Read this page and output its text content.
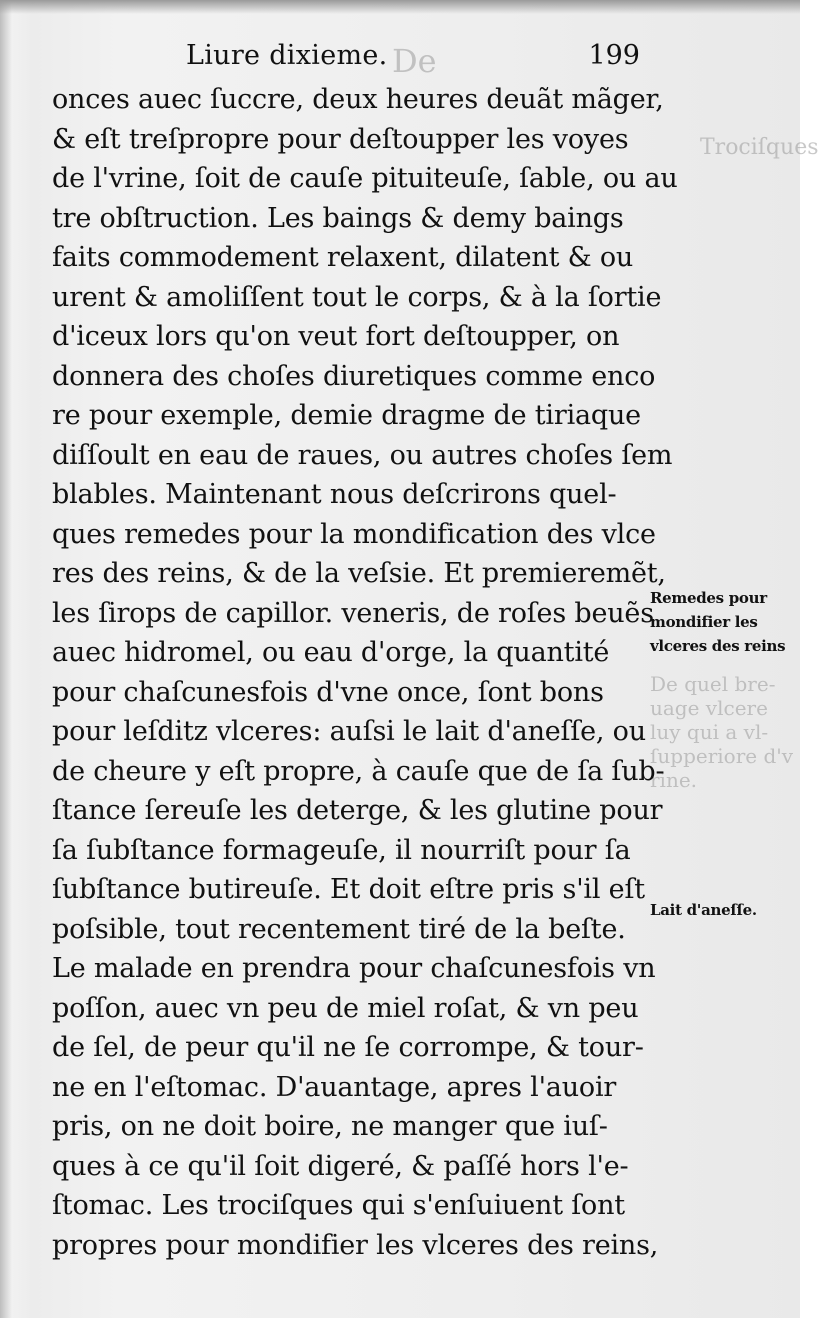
De
Trociſques
De quel bre-
uage vlcere
luy qui a vl-
ſupperiore d'v
rine.
Liure dixieme.	199
onces auec ſuccre, deux heures deuãt mãger,
& eſt treſpropre pour deſtoupper les voyes
de l'vrine, ſoit de cauſe pituiteuſe, ſable, ou au
tre obſtruction. Les baings & demy baings
faits commodement relaxent, dilatent & ou
urent & amoliſſent tout le corps, & à la ſortie
d'iceux lors qu'on veut fort deſtoupper, on
donnera des choſes diuretiques comme enco
re pour exemple, demie dragme de tiriaque
diſſoult en eau de raues, ou autres choſes ſem
blables. Maintenant nous deſcrirons quel-
ques remedes pour la mondification des vlce
res des reins, & de la veſsie. Et premieremẽt,
les ſirops de capillor. veneris, de roſes beuẽs
auec hidromel, ou eau d'orge, la quantité
pour chaſcunesfois d'vne once, ſont bons
pour leſditz vlceres: auſsi le lait d'aneſſe, ou
de cheure y eſt propre, à cauſe que de ſa ſub-
ſtance ſereuſe les deterge, & les glutine pour
ſa ſubſtance formageuſe, il nourriſt pour ſa
ſubſtance butireuſe. Et doit eſtre pris s'il eſt
poſsible, tout recentement tiré de la beſte.
Le malade en prendra pour chaſcunesfois vn
poſſon, auec vn peu de miel roſat, & vn peu
de ſel, de peur qu'il ne ſe corrompe, & tour-
ne en l'eſtomac. D'auantage, apres l'auoir
pris, on ne doit boire, ne manger que iuſ-
ques à ce qu'il ſoit digeré, & paſſé hors l'e-
ſtomac. Les trociſques qui s'enſuiuent ſont
propres pour mondifier les vlceres des reins,
Remedes pour
mondifier les
vlceres des reins
Lait d'aneſſe.
